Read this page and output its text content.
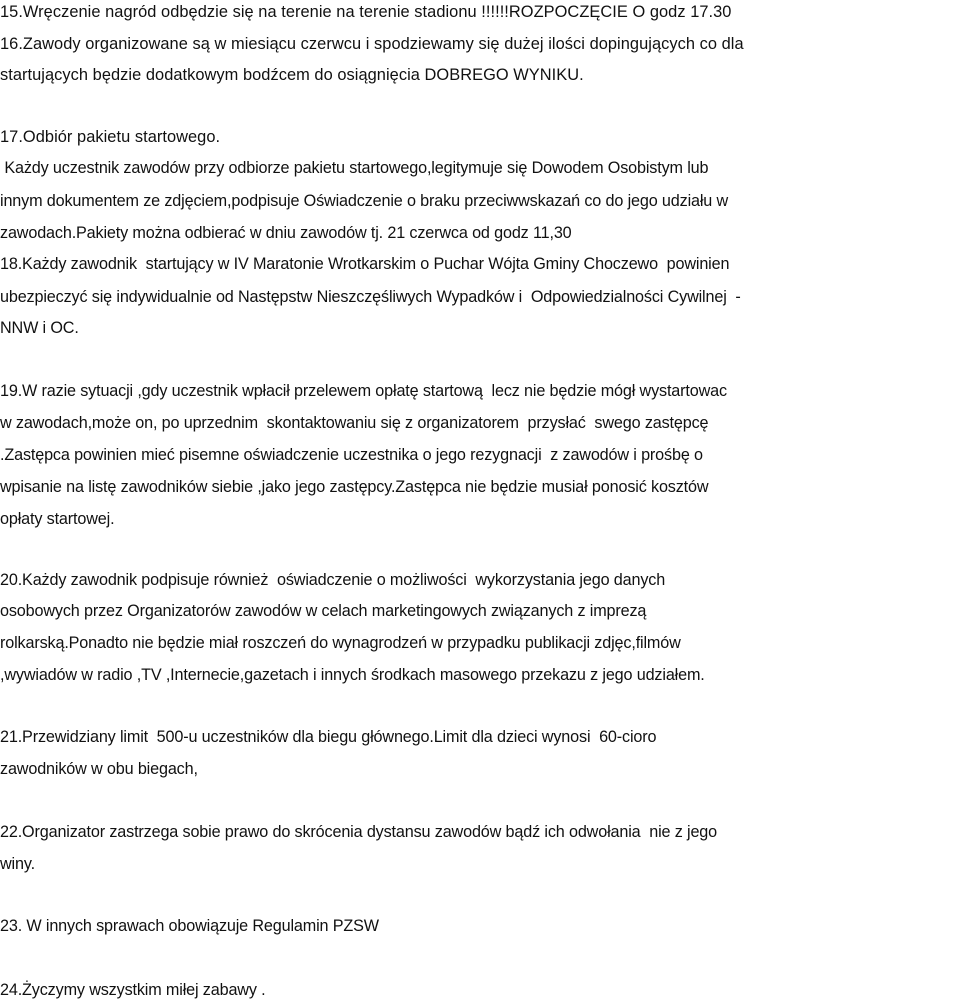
15.Wręczenie nagród odbędzie się na terenie na terenie stadionu !!!!!!ROZPOCZĘCIE O godz 17.30
16.Zawody organizowane są w miesiącu czerwcu i spodziewamy się dużej ilości dopingujących co dla
startujących będzie dodatkowym bodźcem do osiągnięcia DOBREGO WYNIKU.
17.Odbiór pakietu startowego.
Każdy uczestnik zawodów przy odbiorze pakietu startowego,legitymuje się Dowodem Osobistym lub
innym dokumentem ze zdjęciem,podpisuje Oświadczenie o braku przeciwwskazań co do jego udziału w
zawodach.Pakiety można odbierać w dniu zawodów tj. 21 czerwca od godz 11,30
18.Każdy zawodnik  startujący w IV Maratonie Wrotkarskim o Puchar Wójta Gminy Choczewo  powinien
ubezpieczyć się indywidualnie od Następstw Nieszczęśliwych Wypadków i  Odpowiedzialności Cywilnej  -
NNW i OC.
19.W razie sytuacji ,gdy uczestnik wpłacił przelewem opłatę startową  lecz nie będzie mógł wystartowac
w zawodach,może on, po uprzednim  skontaktowaniu się z organizatorem  przysłać  swego zastępcę
.Zastępca powinien mieć pisemne oświadczenie uczestnika o jego rezygnacji  z zawodów i prośbę o
wpisanie na listę zawodników siebie ,jako jego zastępcy.Zastępca nie będzie musiał ponosić kosztów
opłaty startowej.
20.Każdy zawodnik podpisuje również  oświadczenie o możliwości  wykorzystania jego danych
osobowych przez Organizatorów zawodów w celach marketingowych związanych z imprezą
rolkarską.Ponadto nie będzie miał roszczeń do wynagrodzeń w przypadku publikacji zdjęc,filmów
,wywiadów w radio ,TV ,Internecie,gazetach i innych środkach masowego przekazu z jego udziałem.
21.Przewidziany limit  500-u uczestników dla biegu głównego.Limit dla dzieci wynosi  60-cioro
zawodników w obu biegach,
22.Organizator zastrzega sobie prawo do skrócenia dystansu zawodów bądź ich odwołania  nie z jego
winy.
23. W innych sprawach obowiązuje Regulamin PZSW
24.Życzymy wszystkim miłej zabawy .
